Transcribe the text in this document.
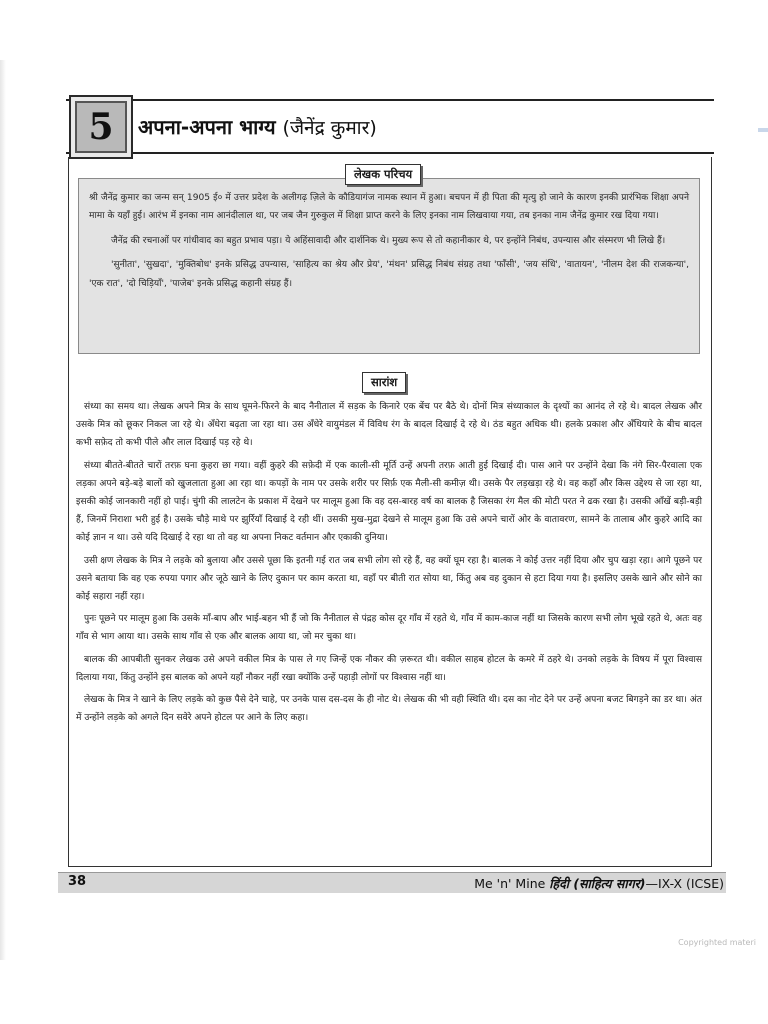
5 अपना-अपना भाग्य (जैनेंद्र कुमार)

श्री जैनेंद्र कुमार का जन्म सन् 1905 ई० में उत्तर प्रदेश के अलीगढ़ ज़िले के कौडियागंज नामक स्थान में हुआ। बचपन में ही पिता की मृत्यु हो जाने के कारण इनकी प्रारंभिक शिक्षा अपने मामा के यहाँ हुई। आरंभ में इनका नाम आनंदीलाल था, पर जब जैन गुरुकुल में शिक्षा प्राप्त करने के लिए इनका नाम लिखवाया गया, तब इनका नाम जैनेंद्र कुमार रख दिया गया।

जैनेंद्र की रचनाओं पर गांधीवाद का बहुत प्रभाव पड़ा। ये अहिंसावादी और दार्शनिक थे। मुख्य रूप से तो कहानीकार थे, पर इन्होंने निबंध, उपन्यास और संस्मरण भी लिखे हैं।

'सुनीता', 'सुखदा', 'मुक्तिबोध' इनके प्रसिद्ध उपन्यास, 'साहित्य का श्रेय और प्रेय', 'मंथन' प्रसिद्ध निबंध संग्रह तथा 'फाँसी', 'जय संधि', 'वातायन', 'नीलम देश की राजकन्या', 'एक रात', 'दो चिड़ियाँ', 'पाजेब' इनके प्रसिद्ध कहानी संग्रह हैं।

लेखक परिचय
सारांश

संध्या का समय था। लेखक अपने मित्र के साथ घूमने-फिरने के बाद नैनीताल में सड़क के किनारे एक बेंच पर बैठे थे। दोनों मित्र संध्याकाल के दृश्यों का आनंद ले रहे थे। बादल लेखक और उसके मित्र को छूकर निकल जा रहे थे। अँधेरा बढ़ता जा रहा था। उस अँधेरे वायुमंडल में विविध रंग के बादल दिखाई दे रहे थे। ठंड बहुत अधिक थी। हलके प्रकाश और अँधियारे के बीच बादल कभी सफ़ेद तो कभी पीले और लाल दिखाई पड़ रहे थे।

संध्या बीतते-बीतते चारों तरफ़ घना कुहरा छा गया। वहीं कुहरे की सफ़ेदी में एक काली-सी मूर्ति उन्हें अपनी तरफ़ आती हुई दिखाई दी। पास आने पर उन्होंने देखा कि नंगे सिर-पैरवाला एक लड़का अपने बड़े-बड़े बालों को खुजलाता हुआ आ रहा था। कपड़ों के नाम पर उसके शरीर पर सिर्फ़ एक मैली-सी कमीज़ थी। उसके पैर लड़खड़ा रहे थे। वह कहाँ और किस उद्देश्य से जा रहा था, इसकी कोई जानकारी नहीं हो पाई। चुंगी की लालटेन के प्रकाश में देखने पर मालूम हुआ कि वह दस-बारह वर्ष का बालक है जिसका रंग मैल की मोटी परत ने ढक रखा है। उसकी आँखें बड़ी-बड़ी हैं, जिनमें निराशा भरी हुई है। उसके चौड़े माथे पर झुर्रियाँ दिखाई दे रही थीं। उसकी मुख-मुद्रा देखने से मालूम हुआ कि उसे अपने चारों ओर के वातावरण, सामने के तालाब और कुहरे आदि का कोई ज्ञान न था। उसे यदि दिखाई दे रहा था तो वह था अपना निकट वर्तमान और एकाकी दुनिया।

उसी क्षण लेखक के मित्र ने लड़के को बुलाया और उससे पूछा कि इतनी गई रात जब सभी लोग सो रहे हैं, वह क्यों घूम रहा है। बालक ने कोई उत्तर नहीं दिया और चुप खड़ा रहा। आगे पूछने पर उसने बताया कि वह एक रुपया पगार और जूठे खाने के लिए दुकान पर काम करता था, वहाँ पर बीती रात सोया था, किंतु अब वह दुकान से हटा दिया गया है। इसलिए उसके खाने और सोने का कोई सहारा नहीं रहा।

पुनः पूछने पर मालूम हुआ कि उसके माँ-बाप और भाई-बहन भी हैं जो कि नैनीताल से पंद्रह कोस दूर गाँव में रहते थे, गाँव में काम-काज नहीं था जिसके कारण सभी लोग भूखे रहते थे, अतः वह गाँव से भाग आया था। उसके साथ गाँव से एक और बालक आया था, जो मर चुका था।

बालक की आपबीती सुनकर लेखक उसे अपने वकील मित्र के पास ले गए जिन्हें एक नौकर की ज़रूरत थी। वकील साहब होटल के कमरे में ठहरे थे। उनको लड़के के विषय में पूरा विश्वास दिलाया गया, किंतु उन्होंने इस बालक को अपने यहाँ नौकर नहीं रखा क्योंकि उन्हें पहाड़ी लोगों पर विश्वास नहीं था।

लेखक के मित्र ने खाने के लिए लड़के को कुछ पैसे देने चाहे, पर उनके पास दस-दस के ही नोट थे। लेखक की भी वही स्थिति थी। दस का नोट देने पर उन्हें अपना बजट बिगड़ने का डर था। अंत में उन्होंने लड़के को अगले दिन सवेरे अपने होटल पर आने के लिए कहा।

38	Me 'n' Mine हिंदी (साहित्य सागर)—IX-X (ICSE)
Copyrighted materi
